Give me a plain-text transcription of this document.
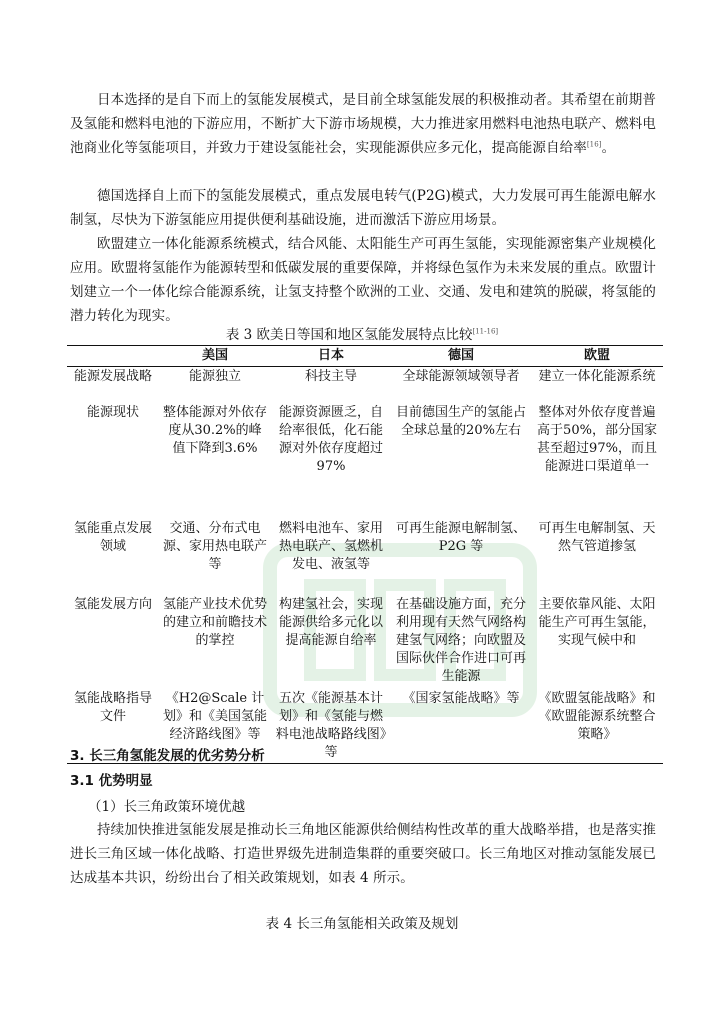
日本选择的是自下而上的氢能发展模式，是目前全球氢能发展的积极推动者。其希望在前期普及氢能和燃料电池的下游应用，不断扩大下游市场规模，大力推进家用燃料电池热电联产、燃料电池商业化等氢能项目，并致力于建设氢能社会，实现能源供应多元化，提高能源自给率[16]。

德国选择自上而下的氢能发展模式，重点发展电转气(P2G)模式，大力发展可再生能源电解水制氢，尽快为下游氢能应用提供便利基础设施，进而激活下游应用场景。

欧盟建立一体化能源系统模式，结合风能、太阳能生产可再生氢能，实现能源密集产业规模化应用。欧盟将氢能作为能源转型和低碳发展的重要保障，并将绿色氢作为未来发展的重点。欧盟计划建立一个一体化综合能源系统，让氢支持整个欧洲的工业、交通、发电和建筑的脱碳，将氢能的潜力转化为现实。

表 3 欧美日等国和地区氢能发展特点比较[11-16]
	美国	日本	德国	欧盟
能源发展战略	能源独立	科技主导	全球能源领域领导者	建立一体化能源系统
能源现状	整体能源对外依存度从30.2%的峰值下降到3.6%	能源资源匮乏，自给率很低，化石能源对外依存度超过97%	目前德国生产的氢能占全球总量的20%左右	整体对外依存度普遍高于50%，部分国家甚至超过97%，而且能源进口渠道单一
氢能重点发展领域	交通、分布式电源、家用热电联产等	燃料电池车、家用热电联产、氢燃机发电、液氢等	可再生能源电解制氢、P2G 等	可再生电解制氢、天然气管道掺氢
氢能发展方向	氢能产业技术优势的建立和前瞻技术的掌控	构建氢社会，实现能源供给多元化以提高能源自给率	在基础设施方面，充分利用现有天然气网络构建氢气网络；向欧盟及国际伙伴合作进口可再生能源	主要依靠风能、太阳能生产可再生氢能，实现气候中和
氢能战略指导文件	《H2@Scale 计划》和《美国氢能经济路线图》等	五次《能源基本计划》和《氢能与燃料电池战略路线图》等	《国家氢能战略》等	《欧盟氢能战略》和《欧盟能源系统整合策略》
3. 长三角氢能发展的优劣势分析
3.1 优势明显
（1）长三角政策环境优越

持续加快推进氢能发展是推动长三角地区能源供给侧结构性改革的重大战略举措，也是落实推进长三角区域一体化战略、打造世界级先进制造集群的重要突破口。长三角地区对推动氢能发展已达成基本共识，纷纷出台了相关政策规划，如表 4 所示。

表 4 长三角氢能相关政策及规划
